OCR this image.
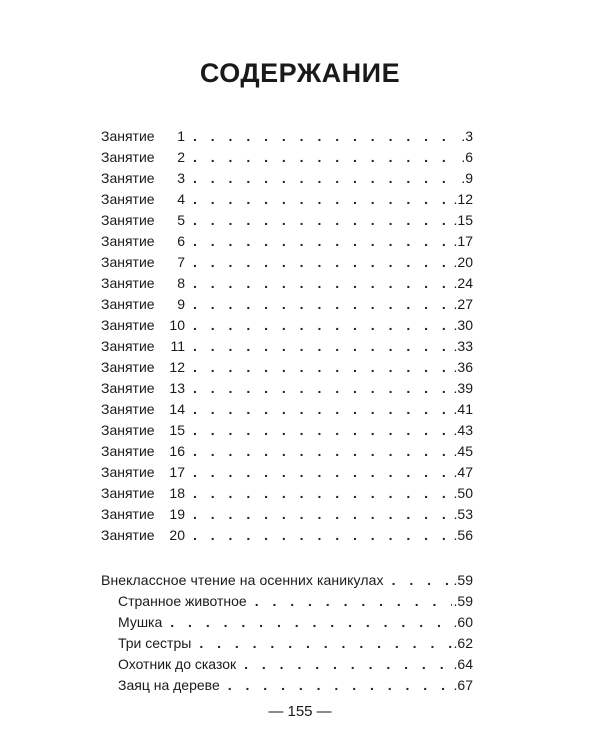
СОДЕРЖАНИЕ
Занятие	1 . . .	.3
Занятие	2 . . .	.6
Занятие	3 . . .	.9
Занятие	4 . . .	.12
Занятие	5 . . .	.15
Занятие	6 . . .	.17
Занятие	7 . . .	.20
Занятие	8 . . .	.24
Занятие	9 . . .	.27
Занятие	10 . . .	.30
Занятие	11 . . .	.33
Занятие	12 . . .	.36
Занятие	13 . . .	.39
Занятие	14 . . .	.41
Занятие	15 . . .	.43
Занятие	16 . . .	.45
Занятие	17 . . .	.47
Занятие	18 . . .	.50
Занятие	19 . . .	.53
Занятие	20 . . .	.56
Внеклассное чтение на осенних каникулах . . .	.59
Странное животное . . .	.59
Мушка . . .	.60
Три сестры . . .	.62
Охотник до сказок . . .	.64
Заяц на дереве . . .	.67
— 155 —
